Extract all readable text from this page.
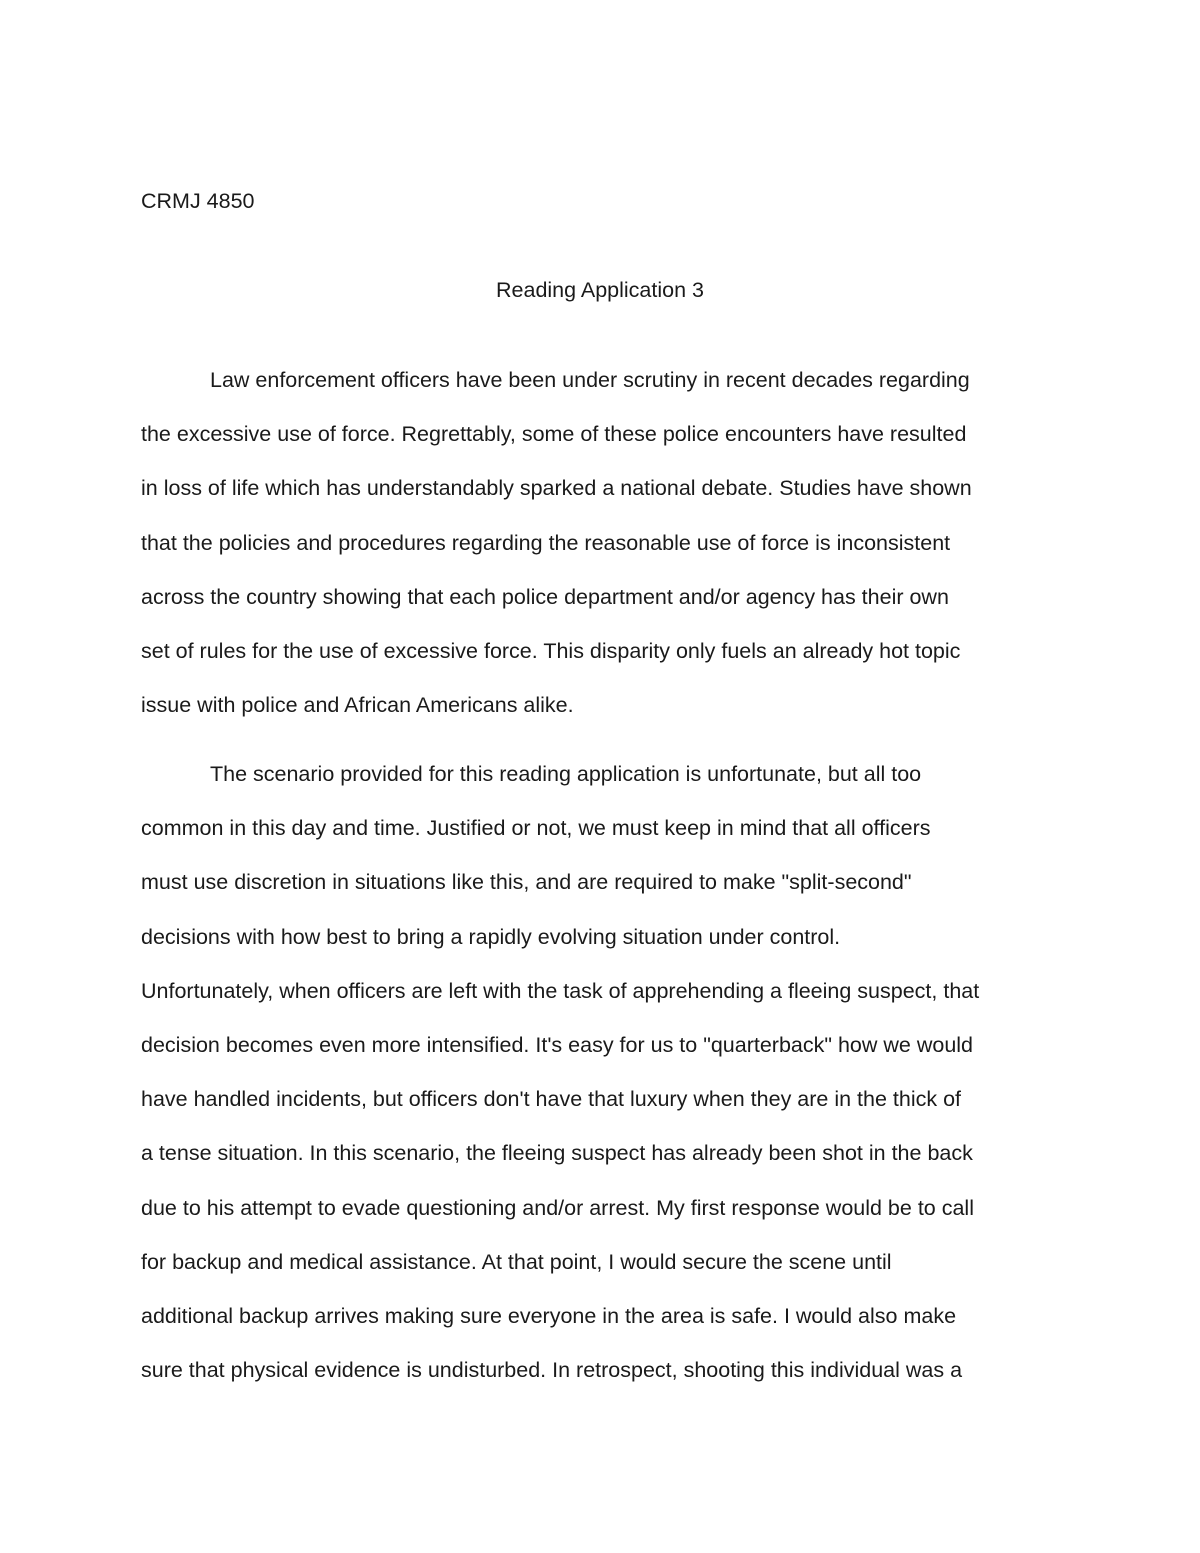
CRMJ 4850

Reading Application 3
Law enforcement officers have been under scrutiny in recent decades regarding
the excessive use of force. Regrettably, some of these police encounters have resulted
in loss of life which has understandably sparked a national debate. Studies have shown
that the policies and procedures regarding the reasonable use of force is inconsistent
across the country showing that each police department and/or agency has their own
set of rules for the use of excessive force. This disparity only fuels an already hot topic
issue with police and African Americans alike.
The scenario provided for this reading application is unfortunate, but all too
common in this day and time. Justified or not, we must keep in mind that all officers
must use discretion in situations like this, and are required to make "split-second"
decisions with how best to bring a rapidly evolving situation under control.
Unfortunately, when officers are left with the task of apprehending a fleeing suspect, that
decision becomes even more intensified. It's easy for us to "quarterback" how we would
have handled incidents, but officers don't have that luxury when they are in the thick of
a tense situation. In this scenario, the fleeing suspect has already been shot in the back
due to his attempt to evade questioning and/or arrest. My first response would be to call
for backup and medical assistance. At that point, I would secure the scene until
additional backup arrives making sure everyone in the area is safe. I would also make
sure that physical evidence is undisturbed. In retrospect, shooting this individual was a
